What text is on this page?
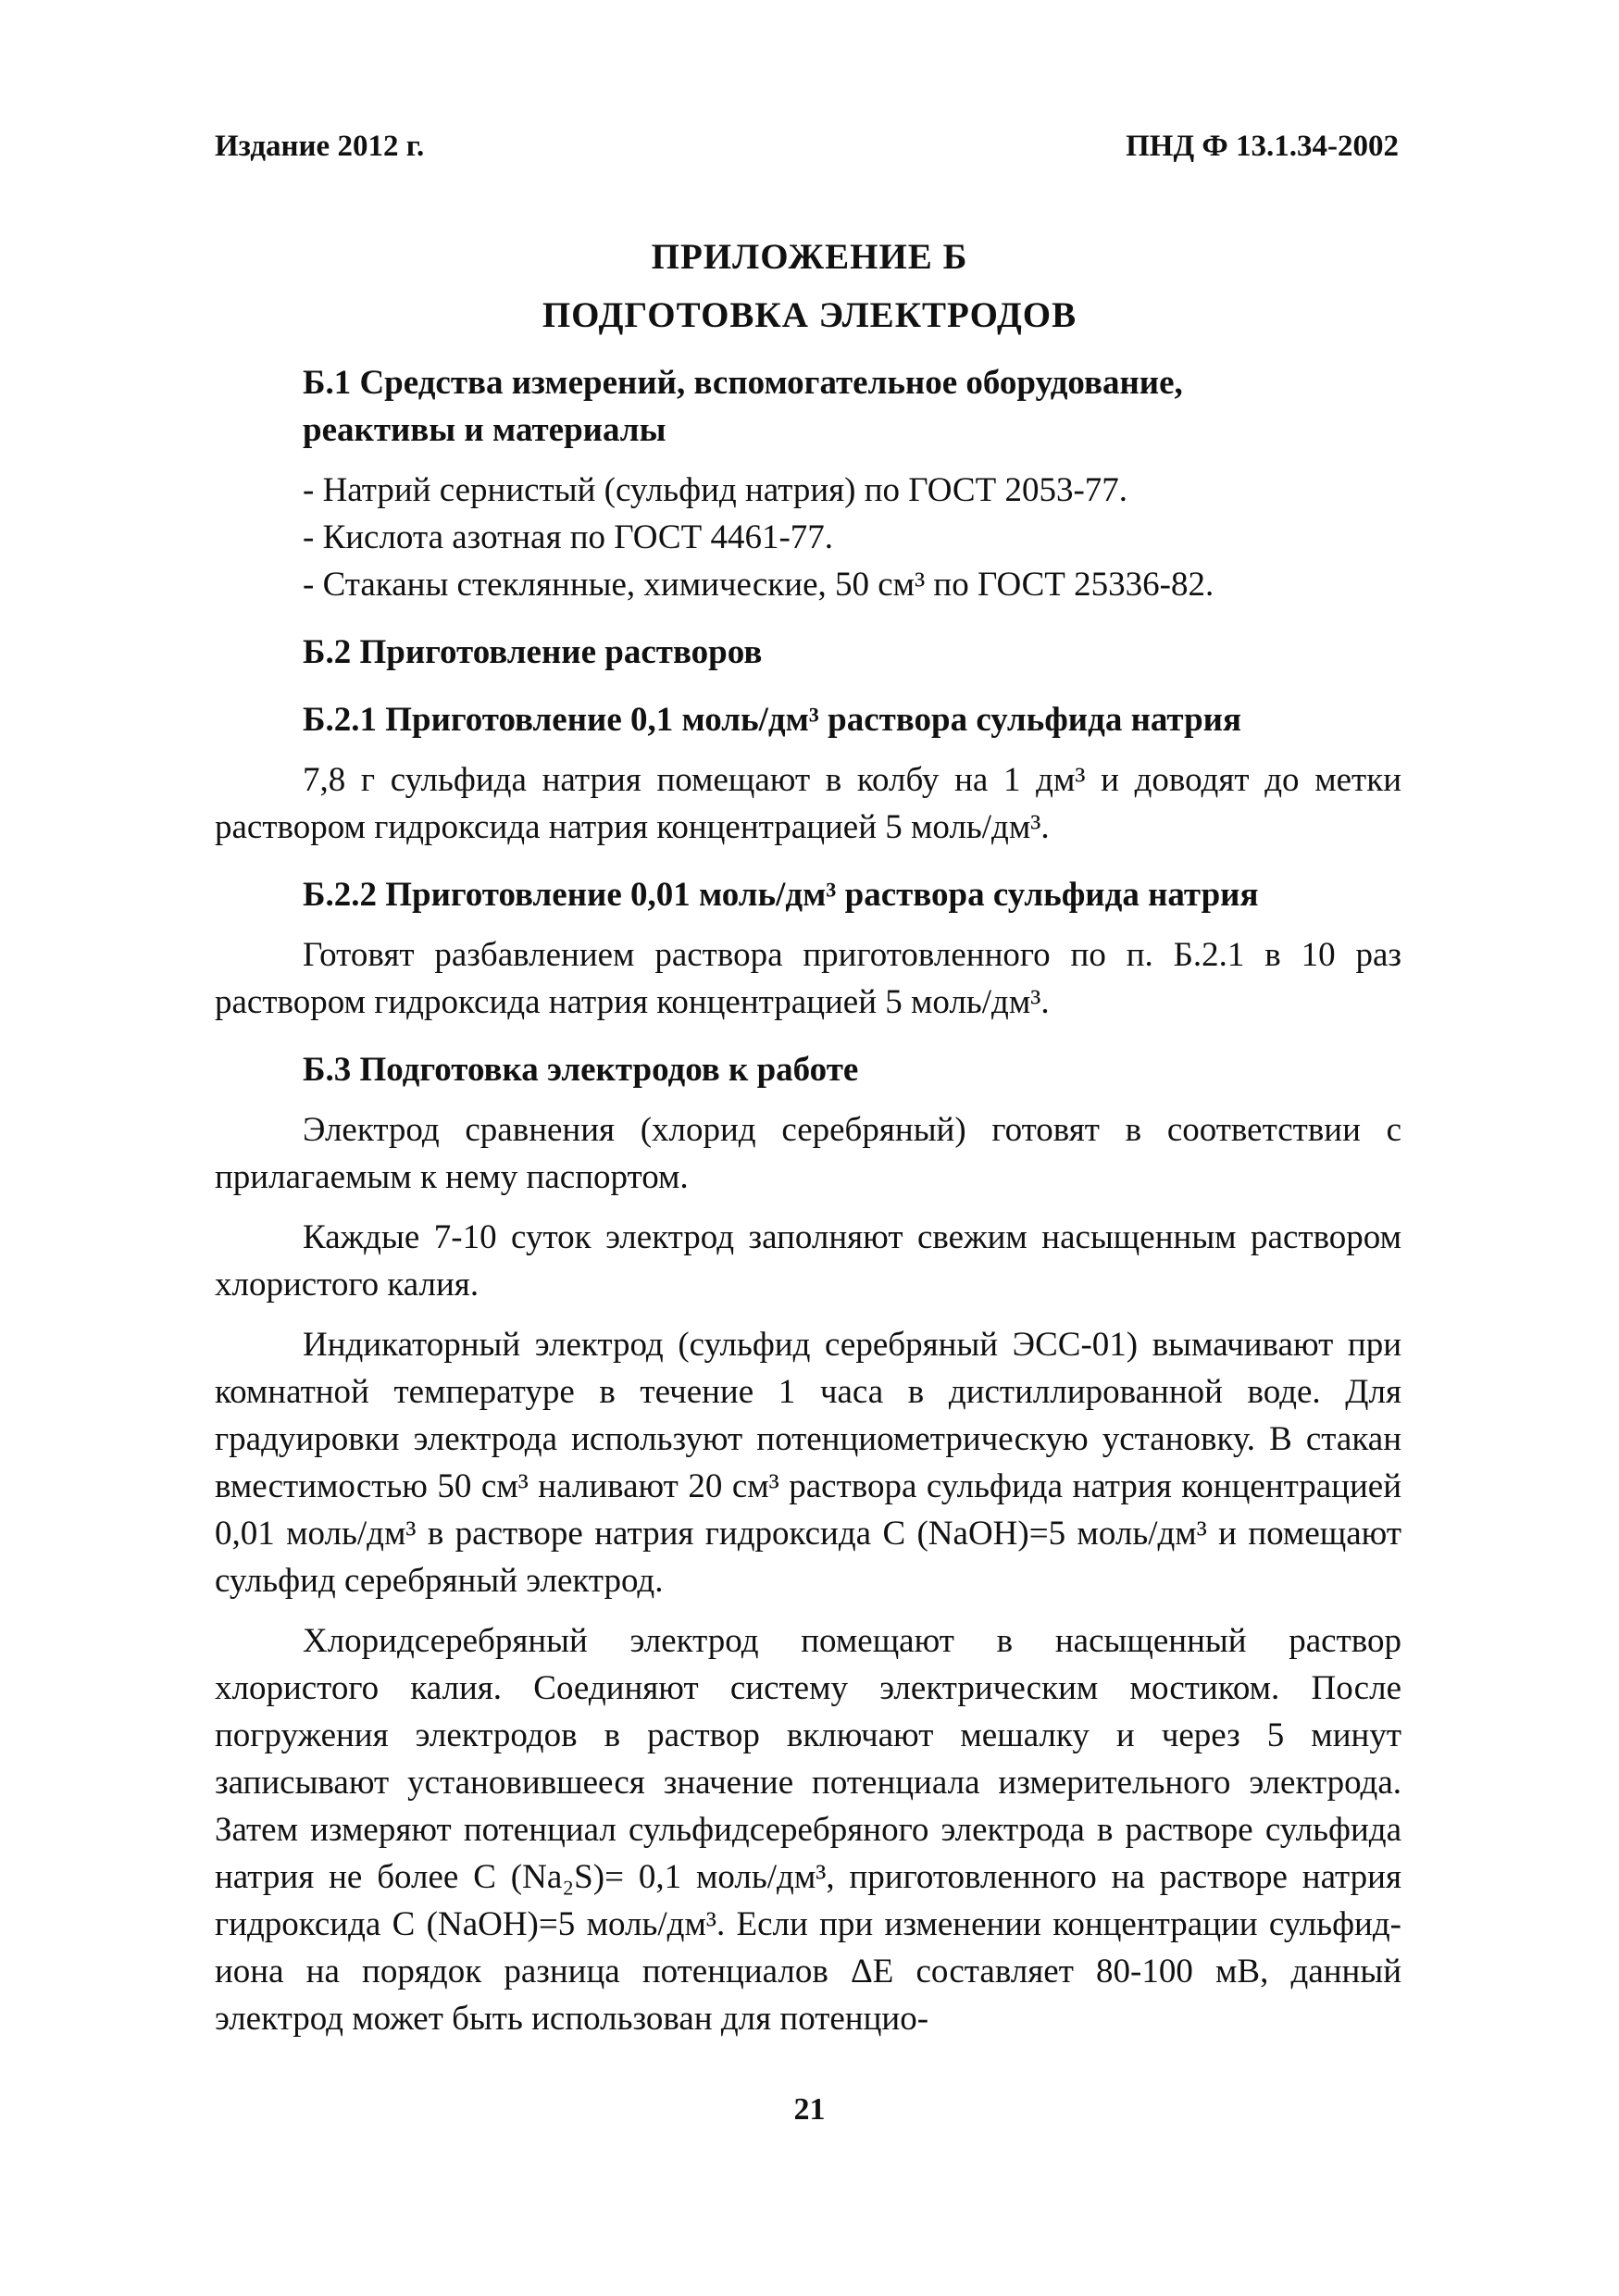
Издание 2012 г.	ПНД Ф 13.1.34-2002
ПРИЛОЖЕНИЕ Б
ПОДГОТОВКА ЭЛЕКТРОДОВ

Б.1 Средства измерений, вспомогательное оборудование,

реактивы и материалы

- Натрий сернистый (сульфид натрия) по ГОСТ 2053-77.

- Кислота азотная по ГОСТ 4461-77.

- Стаканы стеклянные, химические, 50 см³ по ГОСТ 25336-82.

Б.2 Приготовление растворов

Б.2.1 Приготовление 0,1 моль/дм³ раствора сульфида натрия

7,8 г сульфида натрия помещают в колбу на 1 дм³ и доводят до метки раствором гидроксида натрия концентрацией 5 моль/дм³.

Б.2.2 Приготовление 0,01 моль/дм³ раствора сульфида натрия

Готовят разбавлением раствора приготовленного по п. Б.2.1 в 10 раз раствором гидроксида натрия концентрацией 5 моль/дм³.

Б.3 Подготовка электродов к работе

Электрод сравнения (хлорид серебряный) готовят в соответствии с прилагаемым к нему паспортом.

Каждые 7-10 суток электрод заполняют свежим насыщенным раствором хлористого калия.

Индикаторный электрод (сульфид серебряный ЭСС-01) вымачивают при комнатной температуре в течение 1 часа в дистиллированной воде. Для градуировки электрода используют потенциометрическую установку. В стакан вместимостью 50 см³ наливают 20 см³ раствора сульфида натрия концентрацией 0,01 моль/дм³ в растворе натрия гидроксида С (NaOH)=5 моль/дм³ и помещают сульфид серебряный электрод.

Хлоридсеребряный электрод помещают в насыщенный раствор хлористого калия. Соединяют систему электрическим мостиком. После погружения электродов в раствор включают мешалку и через 5 минут записывают установившееся значение потенциала измерительного электрода. Затем измеряют потенциал сульфидсеребряного электрода в растворе сульфида натрия не более С (Na₂S)= 0,1 моль/дм³, приготовленного на растворе натрия гидроксида С (NaOH)=5 моль/дм³. Если при изменении концентрации сульфид-иона на порядок разница потенциалов ΔЕ составляет 80-100 мВ, данный электрод может быть использован для потенцио-

21
